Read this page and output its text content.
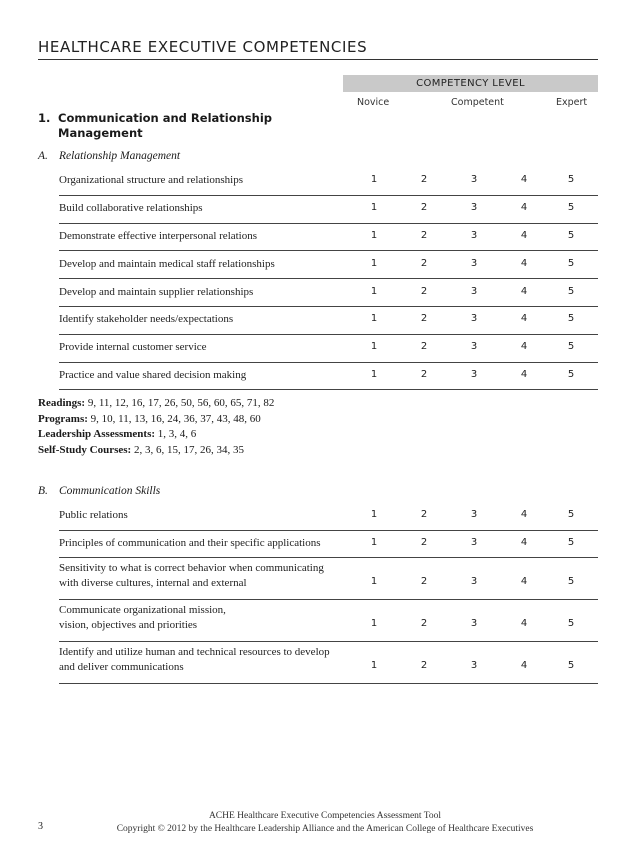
HEALTHCARE EXECUTIVE COMPETENCIES
COMPETENCY LEVEL
Novice	Competent	Expert
1. Communication and Relationship
Management
A. Relationship Management
Organizational structure and relationships	1	2	3	4	5
Build collaborative relationships	1	2	3	4	5
Demonstrate effective interpersonal relations	1	2	3	4	5
Develop and maintain medical staff relationships	1	2	3	4	5
Develop and maintain supplier relationships	1	2	3	4	5
Identify stakeholder needs/expectations	1	2	3	4	5
Provide internal customer service	1	2	3	4	5
Practice and value shared decision making	1	2	3	4	5
Readings: 9, 11, 12, 16, 17, 26, 50, 56, 60, 65, 71, 82
Programs: 9, 10, 11, 13, 16, 24, 36, 37, 43, 48, 60
Leadership Assessments: 1, 3, 4, 6
Self-Study Courses: 2, 3, 6, 15, 17, 26, 34, 35
B. Communication Skills
Public relations	1	2	3	4	5
Principles of communication and their specific applications	1	2	3	4	5
Sensitivity to what is correct behavior when communicating
with diverse cultures, internal and external	1	2	3	4	5
Communicate organizational mission,
vision, objectives and priorities	1	2	3	4	5
Identify and utilize human and technical resources to develop
and deliver communications	1	2	3	4	5
3
ACHE Healthcare Executive Competencies Assessment Tool
Copyright © 2012 by the Healthcare Leadership Alliance and the American College of Healthcare Executives
